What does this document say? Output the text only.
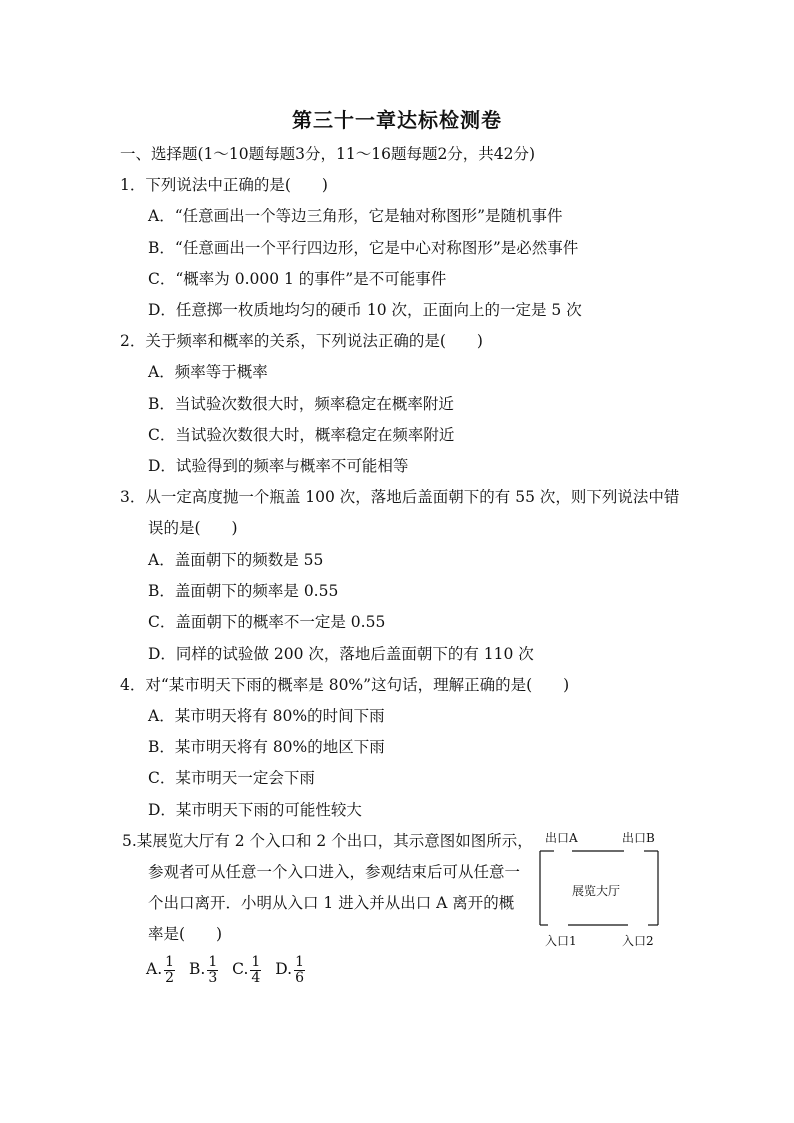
第三十一章达标检测卷
一、选择题(1～10题每题3分，11～16题每题2分，共42分)
1．下列说法中正确的是(　　)
A．“任意画出一个等边三角形，它是轴对称图形”是随机事件
B．“任意画出一个平行四边形，它是中心对称图形”是必然事件
C．“概率为 0.000 1 的事件”是不可能事件
D．任意掷一枚质地均匀的硬币 10 次，正面向上的一定是 5 次
2．关于频率和概率的关系，下列说法正确的是(　　)
A．频率等于概率
B．当试验次数很大时，频率稳定在概率附近
C．当试验次数很大时，概率稳定在频率附近
D．试验得到的频率与概率不可能相等
3．从一定高度抛一个瓶盖 100 次，落地后盖面朝下的有 55 次，则下列说法中错
误的是(　　)
A．盖面朝下的频数是 55
B．盖面朝下的频率是 0.55
C．盖面朝下的概率不一定是 0.55
D．同样的试验做 200 次，落地后盖面朝下的有 110 次
4．对“某市明天下雨的概率是 80%”这句话，理解正确的是(　　)
A．某市明天将有 80%的时间下雨
B．某市明天将有 80%的地区下雨
C．某市明天一定会下雨
D．某市明天下雨的可能性较大
5.某展览大厅有 2 个入口和 2 个出口，其示意图如图所示，
参观者可从任意一个入口进入，参观结束后可从任意一
个出口离开．小明从入口 1 进入并从出口 A 离开的概
率是(　　)
A. $\frac{1}{2} B$. $\frac{1}{3} C$. $\frac{1}{4} D$. $\frac{1}{6}$
出口A	出口B
展览大厅
入口1	入口2
